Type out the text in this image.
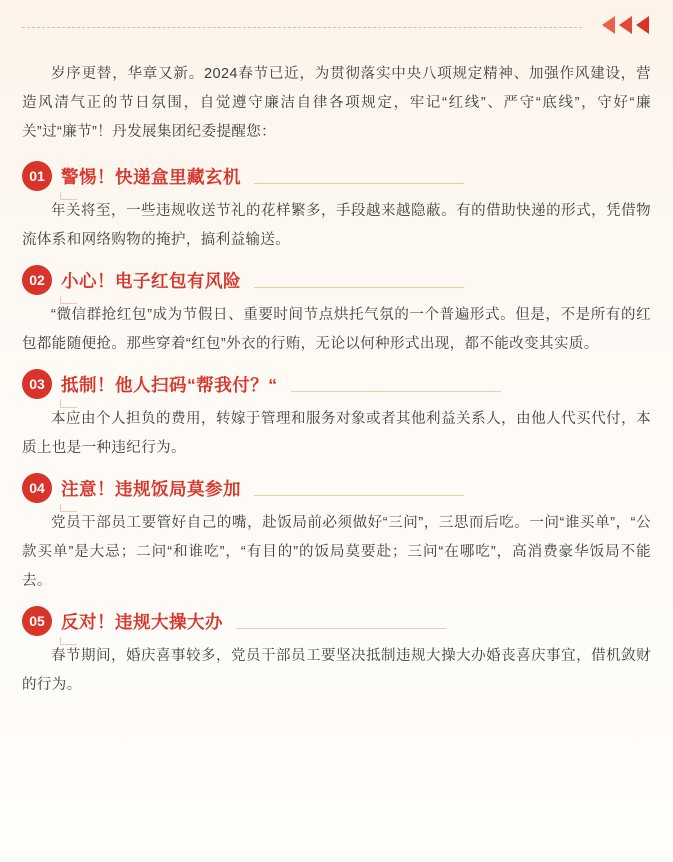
岁序更替，华章又新。2024春节已近，为贯彻落实中央八项规定精神、加强作风建设，营造风清气正的节日氛围，自觉遵守廉洁自律各项规定，牢记“红线”、严守“底线”，守好“廉关”过“廉节”！丹发展集团纪委提醒您：

01 警惕！快递盒里藏玄机

年关将至，一些违规收送节礼的花样繁多，手段越来越隐蔽。有的借助快递的形式，凭借物流体系和网络购物的掩护，搞利益输送。

02 小心！电子红包有风险

“微信群抢红包”成为节假日、重要时间节点烘托气氛的一个普遍形式。但是，不是所有的红包都能随便抢。那些穿着“红包”外衣的行贿，无论以何种形式出现，都不能改变其实质。

03 抵制！他人扫码“帮我付？“

本应由个人担负的费用，转嫁于管理和服务对象或者其他利益关系人，由他人代买代付，本质上也是一种违纪行为。

04 注意！违规饭局莫参加

党员干部员工要管好自己的嘴，赴饭局前必须做好“三问”，三思而后吃。一问“谁买单”，“公款买单”是大忌；二问“和谁吃”，“有目的”的饭局莫要赴；三问“在哪吃”，高消费豪华饭局不能去。

05 反对！违规大操大办

春节期间，婚庆喜事较多，党员干部员工要坚决抵制违规大操大办婚丧喜庆事宜，借机敛财的行为。
